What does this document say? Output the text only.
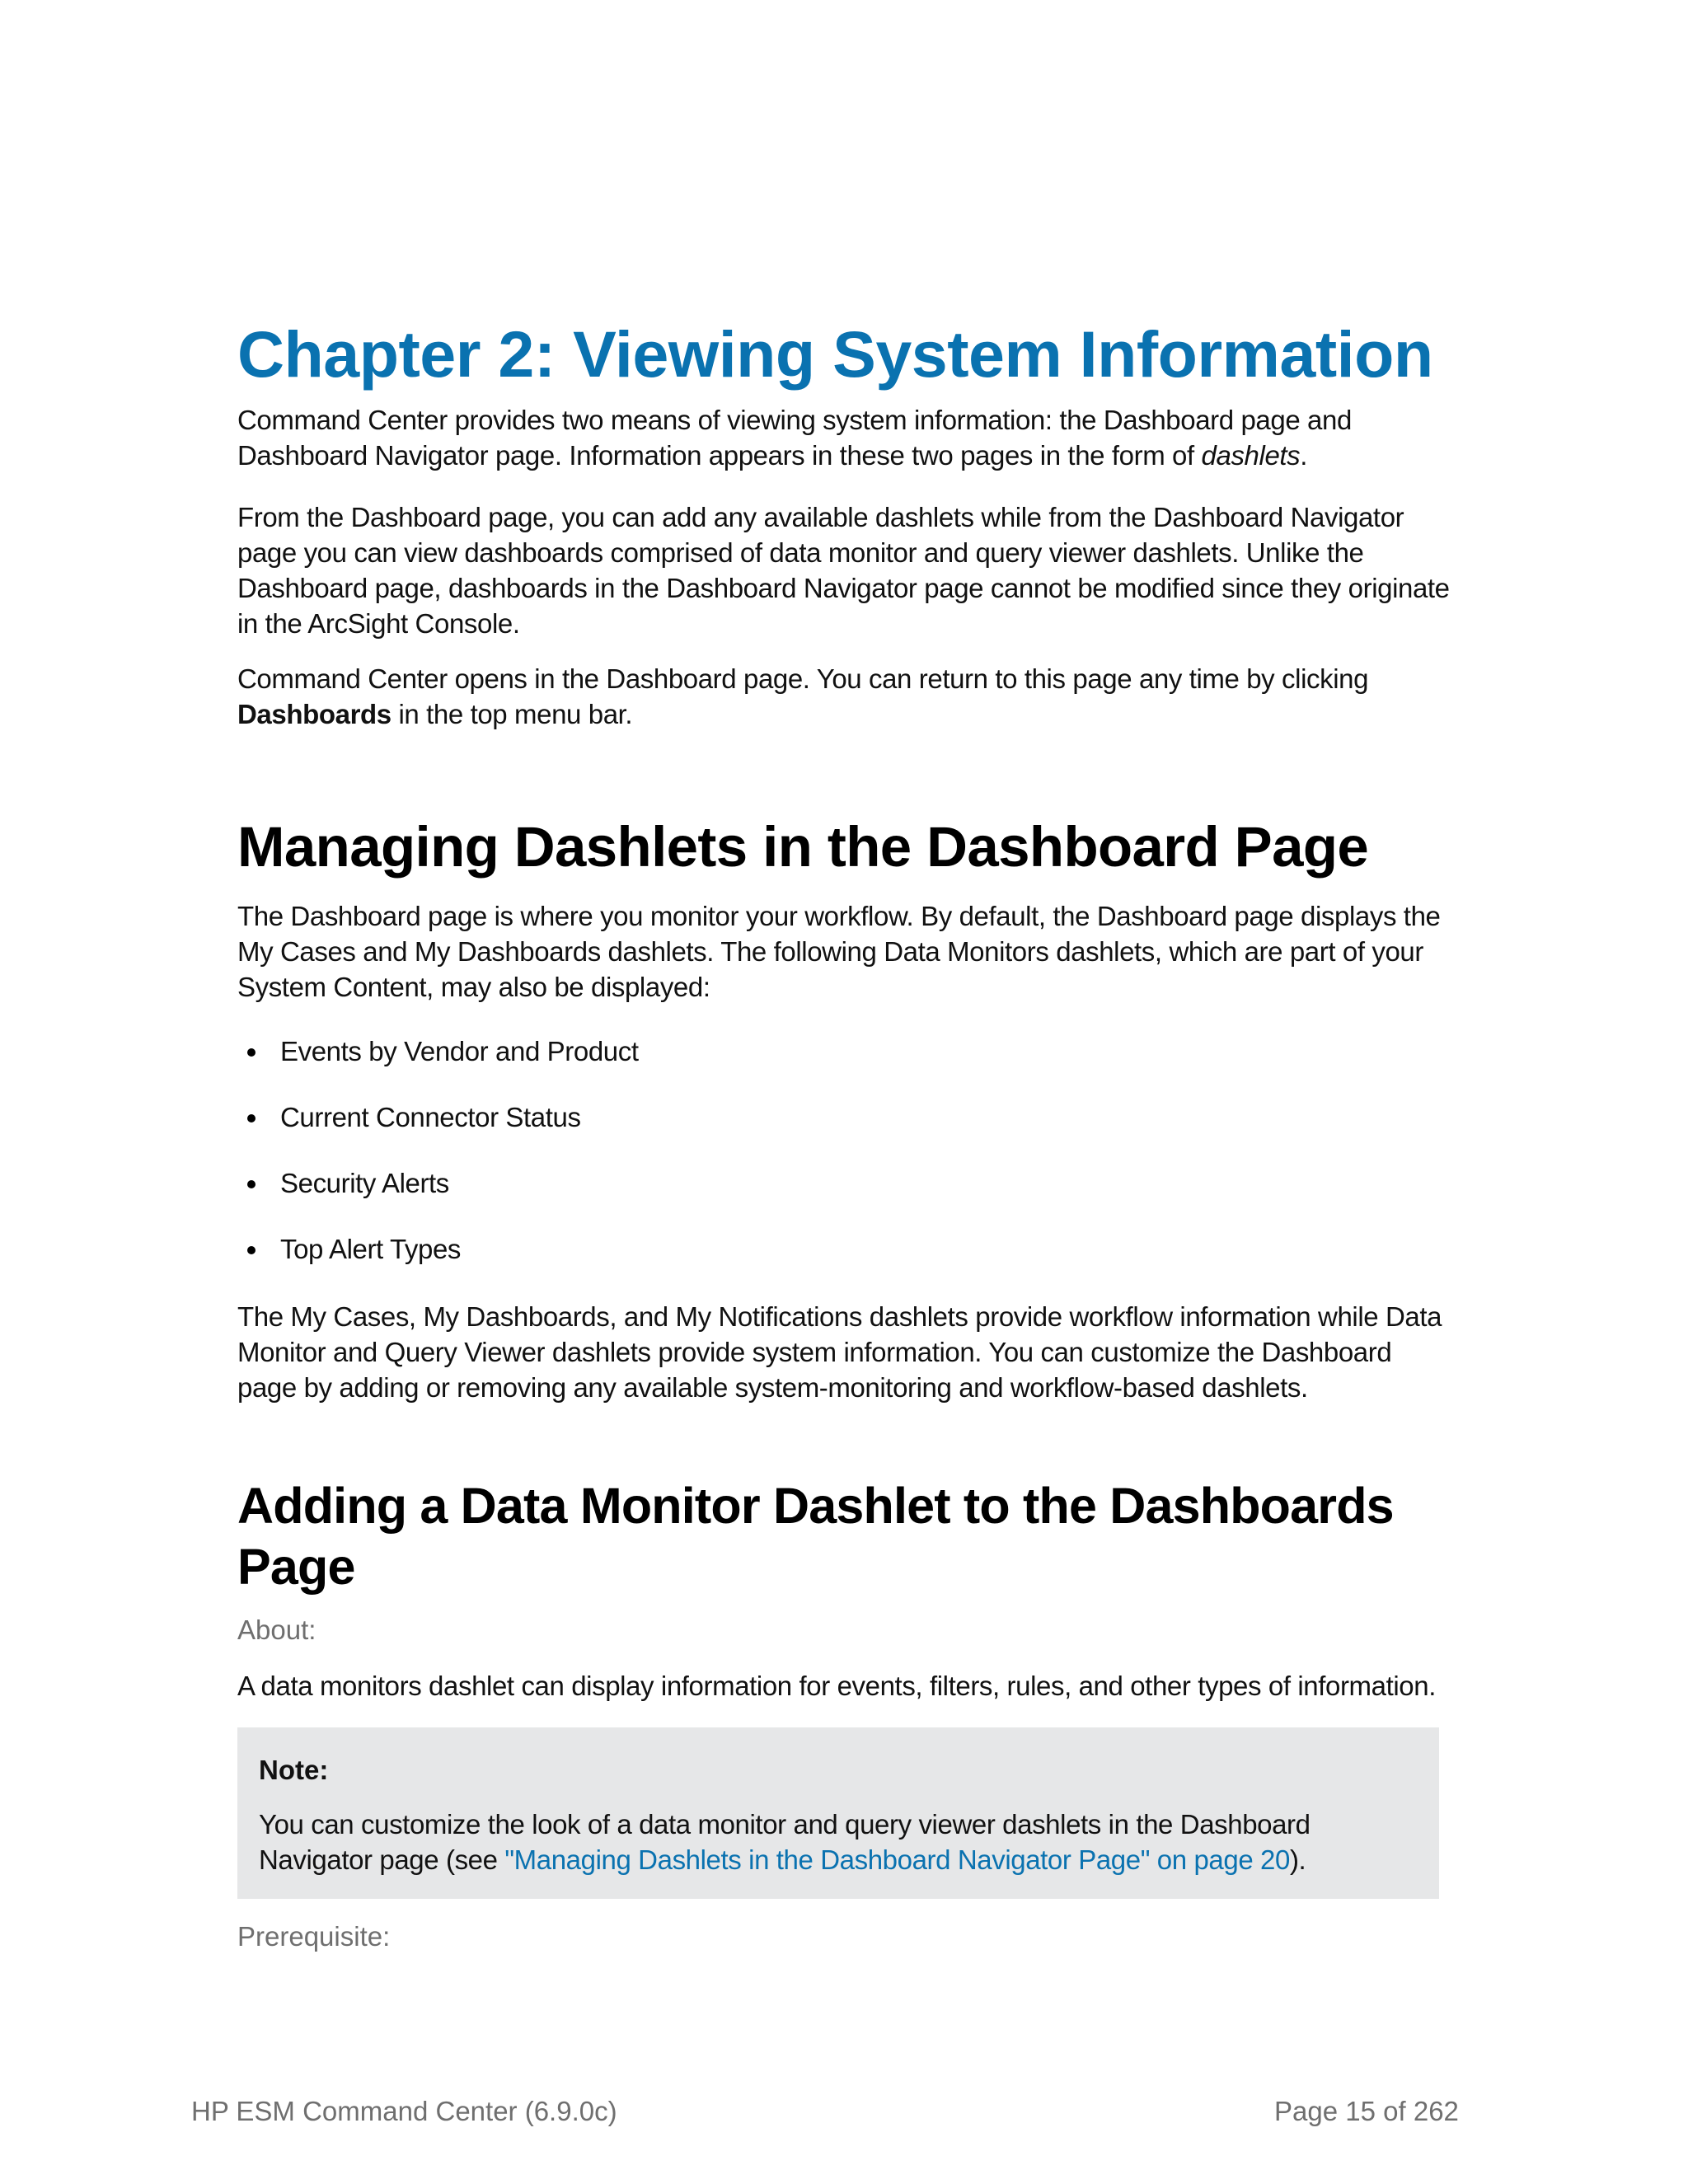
Chapter 2: Viewing System Information

Command Center provides two means of viewing system information: the Dashboard page and Dashboard Navigator page. Information appears in these two pages in the form of dashlets.

From the Dashboard page, you can add any available dashlets while from the Dashboard Navigator page you can view dashboards comprised of data monitor and query viewer dashlets. Unlike the Dashboard page, dashboards in the Dashboard Navigator page cannot be modified since they originate in the ArcSight Console.

Command Center opens in the Dashboard page. You can return to this page any time by clicking Dashboards in the top menu bar.

Managing Dashlets in the Dashboard Page

The Dashboard page is where you monitor your workflow. By default, the Dashboard page displays the My Cases and My Dashboards dashlets. The following Data Monitors dashlets, which are part of your System Content, may also be displayed:

Events by Vendor and Product
Current Connector Status
Security Alerts
Top Alert Types

The My Cases, My Dashboards, and My Notifications dashlets provide workflow information while Data Monitor and Query Viewer dashlets provide system information. You can customize the Dashboard page by adding or removing any available system-monitoring and workflow-based dashlets.

Adding a Data Monitor Dashlet to the Dashboards Page

About:

A data monitors dashlet can display information for events, filters, rules, and other types of information.

Note:

You can customize the look of a data monitor and query viewer dashlets in the Dashboard Navigator page (see "Managing Dashlets in the Dashboard Navigator Page" on page 20).

Prerequisite:

HP ESM Command Center (6.9.0c)	Page 15 of 262
